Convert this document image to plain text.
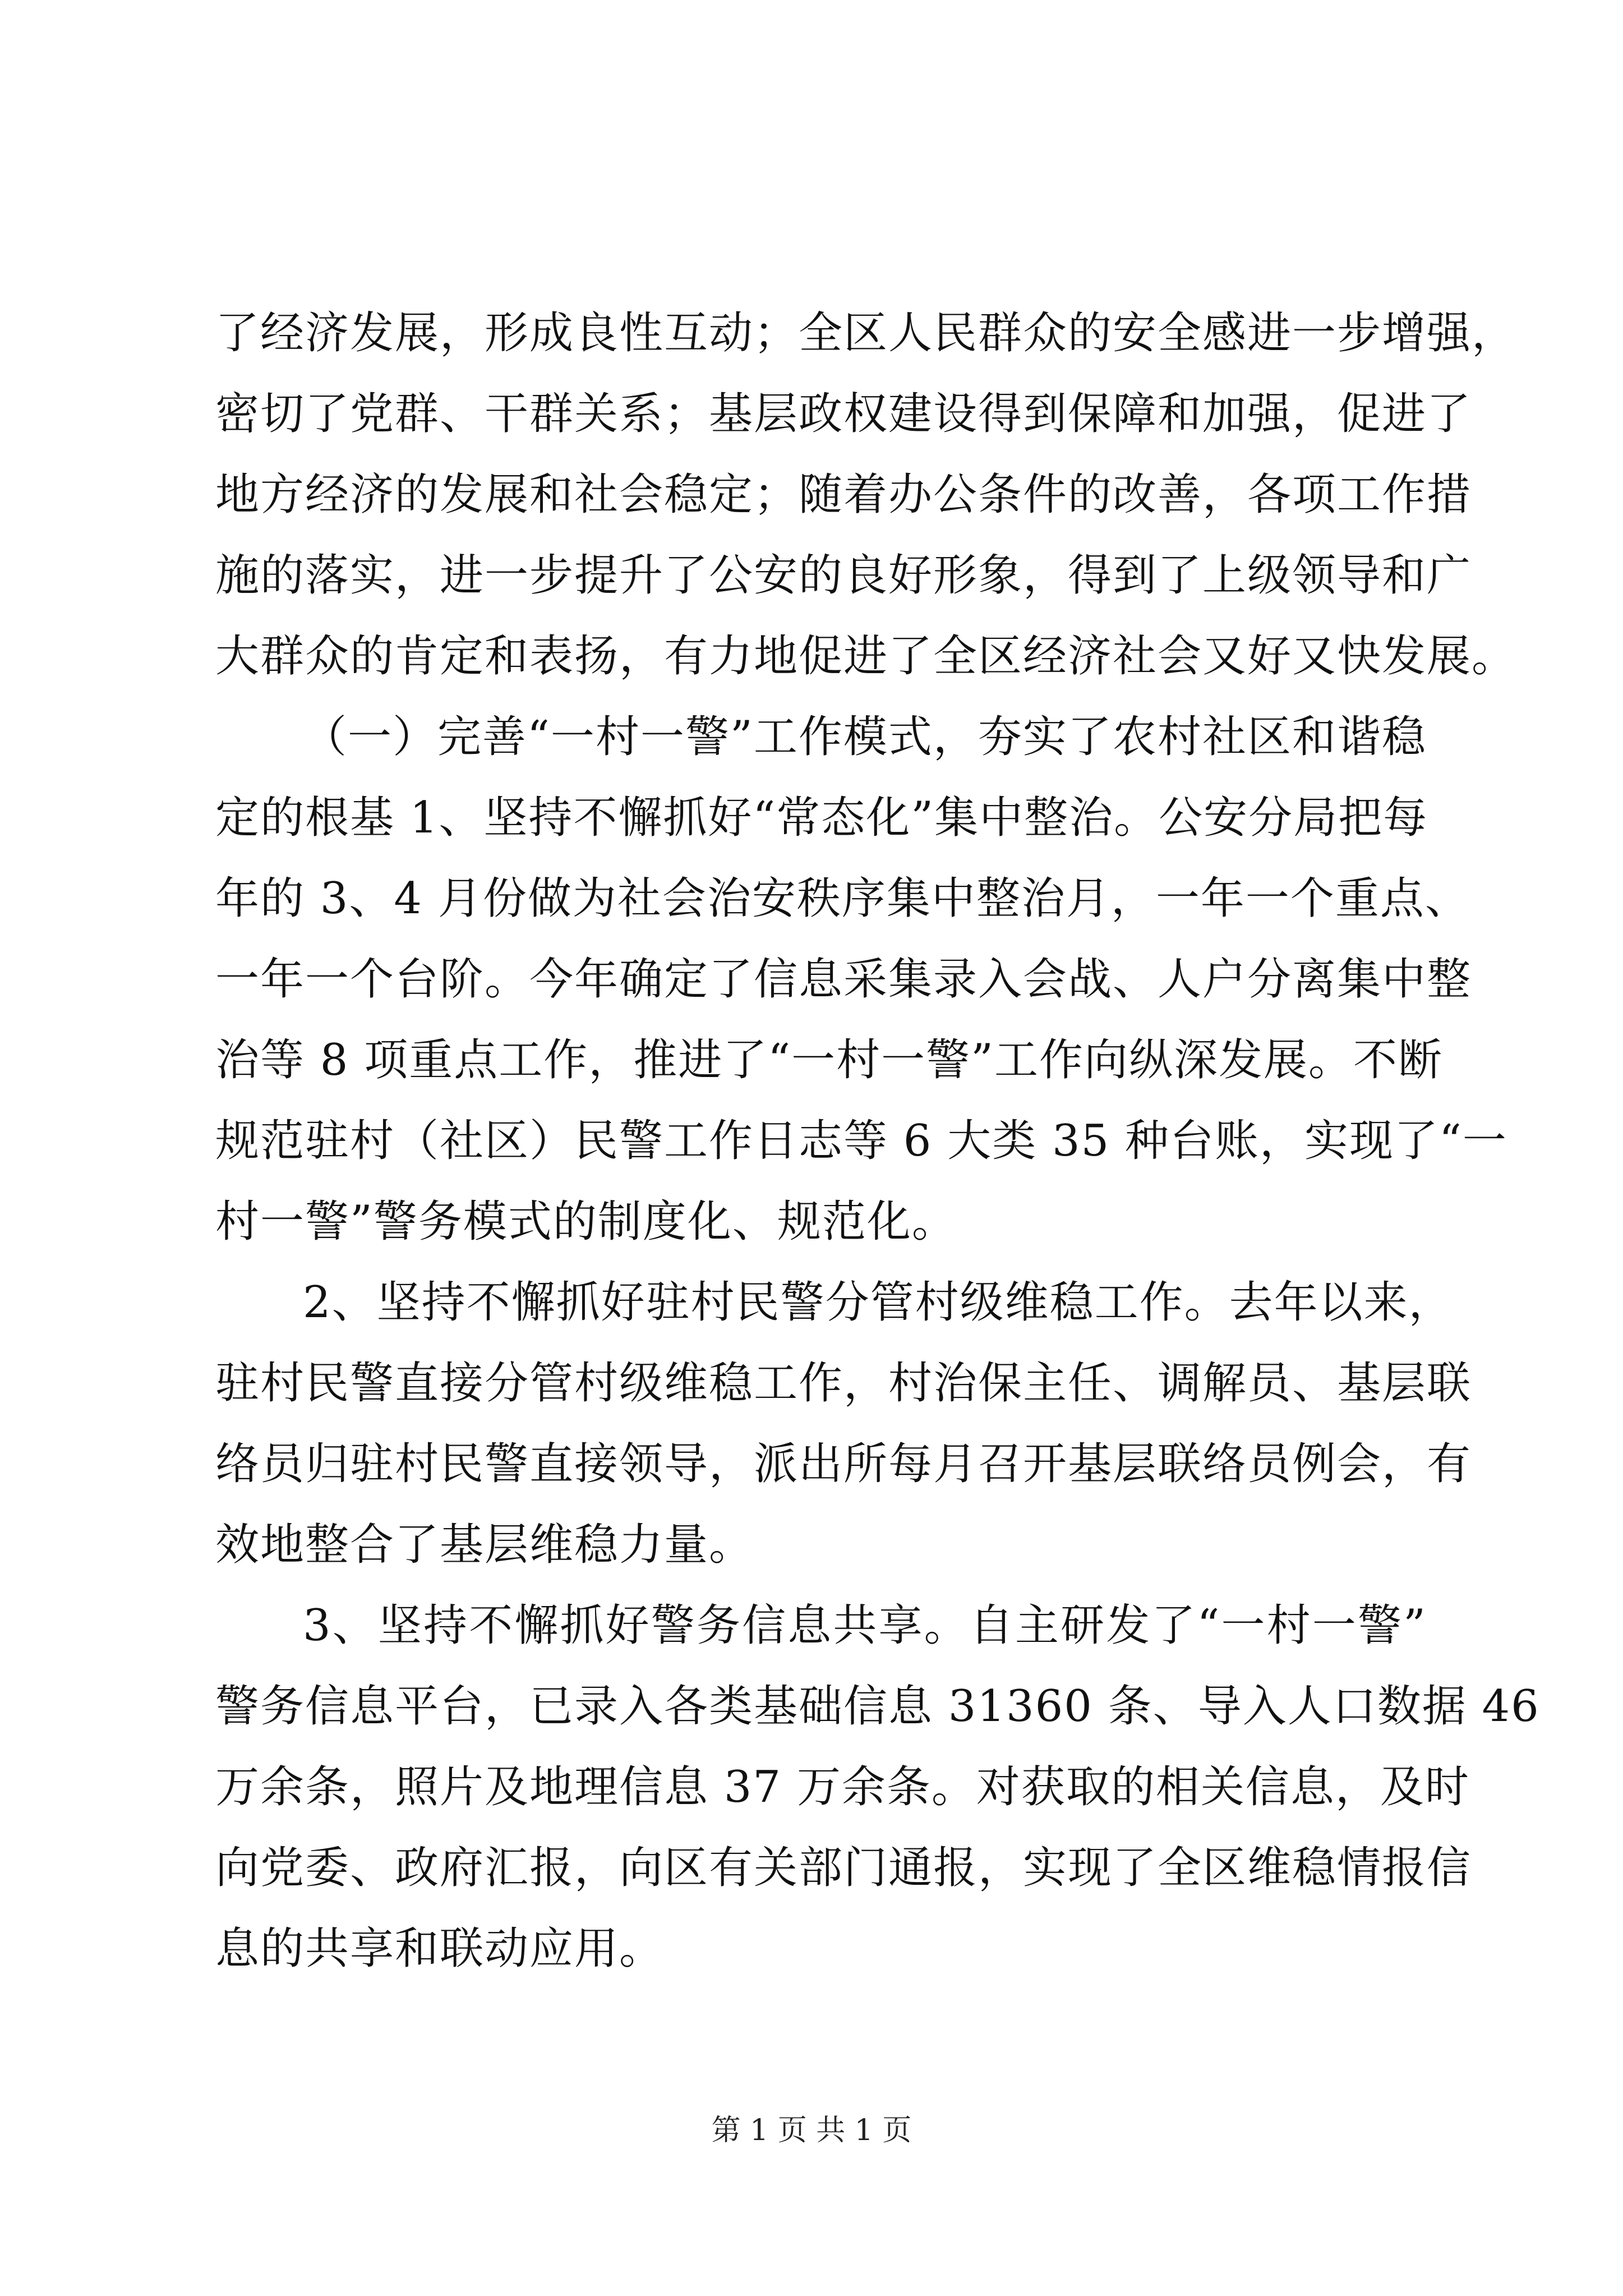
了经济发展，形成良性互动；全区人民群众的安全感进一步增强，
密切了党群、干群关系；基层政权建设得到保障和加强，促进了
地方经济的发展和社会稳定；随着办公条件的改善，各项工作措
施的落实，进一步提升了公安的良好形象，得到了上级领导和广
大群众的肯定和表扬，有力地促进了全区经济社会又好又快发展。
（一）完善“一村一警”工作模式，夯实了农村社区和谐稳
定的根基 1、坚持不懈抓好“常态化”集中整治。公安分局把每
年的 3、4 月份做为社会治安秩序集中整治月，一年一个重点、
一年一个台阶。今年确定了信息采集录入会战、人户分离集中整
治等 8 项重点工作，推进了“一村一警”工作向纵深发展。不断
规范驻村（社区）民警工作日志等 6 大类 35 种台账，实现了“一
村一警”警务模式的制度化、规范化。
2、坚持不懈抓好驻村民警分管村级维稳工作。去年以来，
驻村民警直接分管村级维稳工作，村治保主任、调解员、基层联
络员归驻村民警直接领导，派出所每月召开基层联络员例会，有
效地整合了基层维稳力量。
3、坚持不懈抓好警务信息共享。自主研发了“一村一警”
警务信息平台，已录入各类基础信息 31360 条、导入人口数据 46
万余条，照片及地理信息 37 万余条。对获取的相关信息，及时
向党委、政府汇报，向区有关部门通报，实现了全区维稳情报信
息的共享和联动应用。
第 1 页 共 1 页
